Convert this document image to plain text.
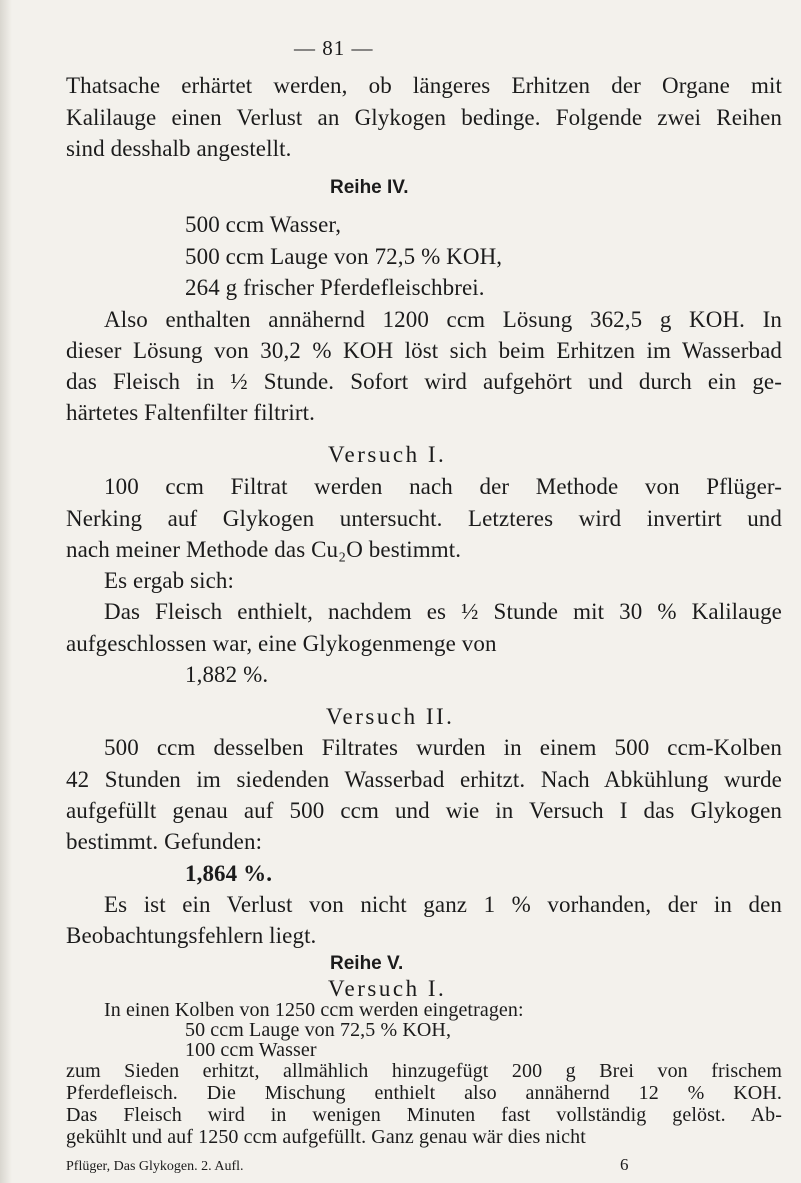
— 81 —
Thatsache erhärtet werden, ob längeres Erhitzen der Organe mit
Kalilauge einen Verlust an Glykogen bedinge. Folgende zwei Reihen
sind desshalb angestellt.
Reihe IV.
500 ccm Wasser,
500 ccm Lauge von 72,5 % KOH,
264 g frischer Pferdefleischbrei.
Also enthalten annähernd 1200 ccm Lösung 362,5 g KOH. In
dieser Lösung von 30,2 % KOH löst sich beim Erhitzen im Wasserbad
das Fleisch in ½ Stunde. Sofort wird aufgehört und durch ein ge-
härtetes Faltenfilter filtrirt.
Versuch I.
100 ccm Filtrat werden nach der Methode von Pflüger-
Nerking auf Glykogen untersucht. Letzteres wird invertirt und
nach meiner Methode das Cu₂O bestimmt.
Es ergab sich:
Das Fleisch enthielt, nachdem es ½ Stunde mit 30 % Kalilauge
aufgeschlossen war, eine Glykogenmenge von
1,882 %.
Versuch II.
500 ccm desselben Filtrates wurden in einem 500 ccm-Kolben
42 Stunden im siedenden Wasserbad erhitzt. Nach Abkühlung wurde
aufgefüllt genau auf 500 ccm und wie in Versuch I das Glykogen
bestimmt. Gefunden:
1,864 %.
Es ist ein Verlust von nicht ganz 1 % vorhanden, der in den
Beobachtungsfehlern liegt.
Reihe V.
Versuch I.
In einen Kolben von 1250 ccm werden eingetragen:
50 ccm Lauge von 72,5 % KOH,
100 ccm Wasser
Pflüger, Das Glykogen. 2. Aufl.	6
zum Sieden erhitzt, allmählich hinzugefügt 200 g Brei von frischem
Pferdefleisch. Die Mischung enthielt also annähernd 12 % KOH.
Das Fleisch wird in wenigen Minuten fast vollständig gelöst. Ab-
gekühlt und auf 1250 ccm aufgefüllt. Ganz genau wär dies nicht
